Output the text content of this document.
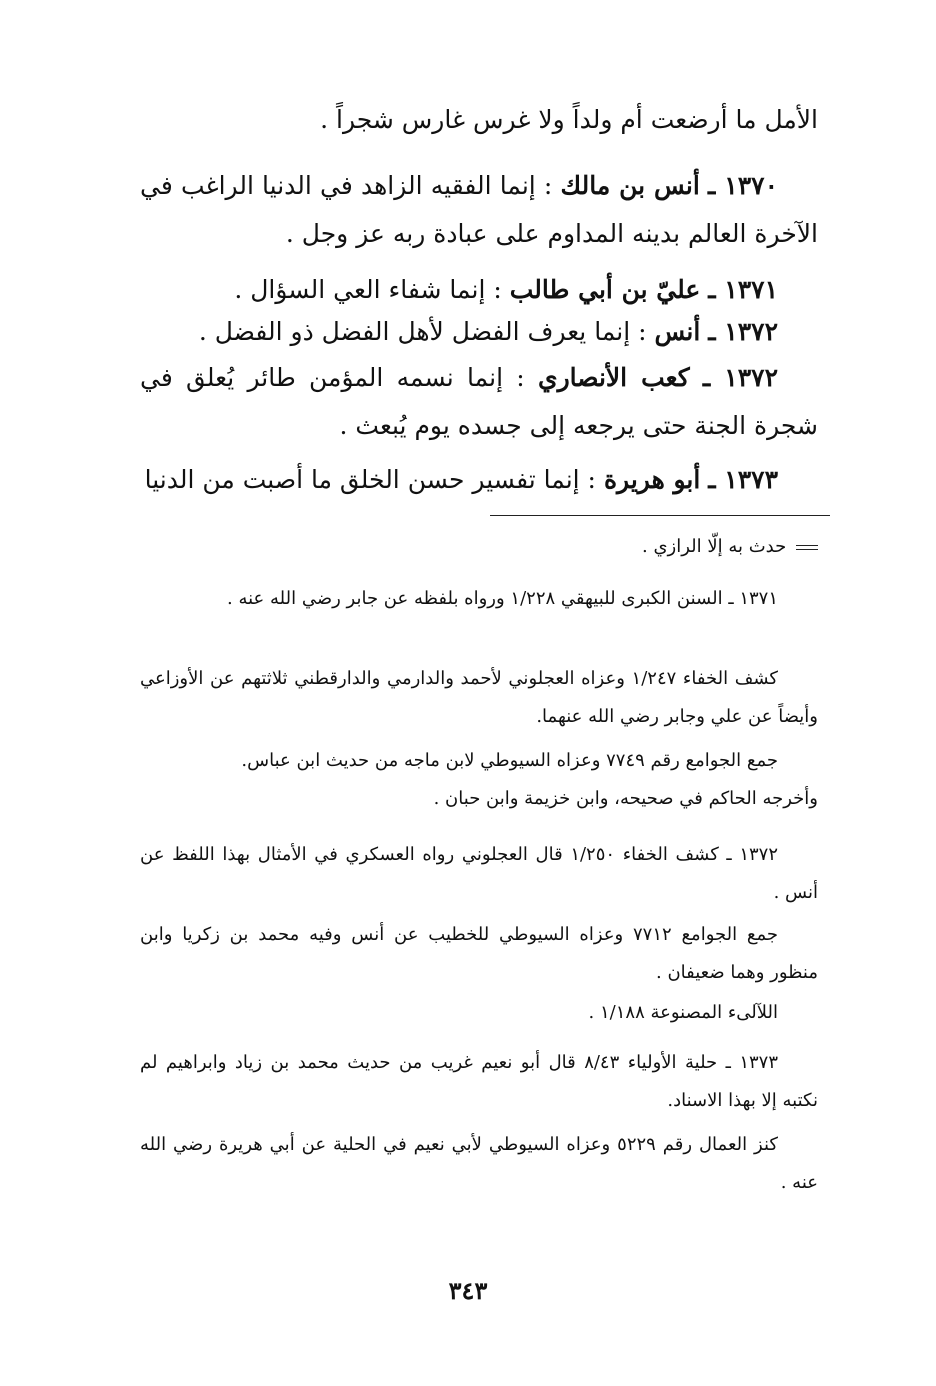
الأمل ما أرضعت أم ولداً ولا غرس غارس شجراً .
١٣٧٠ ـ أنس بن مالك : إنما الفقيه الزاهد في الدنيا الراغب في الآخرة العالم بدينه المداوم على عبادة ربه عز وجل .
١٣٧١ ـ عليّ بن أبي طالب : إنما شفاء العي السؤال .
١٣٧٢ ـ أنس : إنما يعرف الفضل لأهل الفضل ذو الفضل .
١٣٧٢ ـ كعب الأنصاري : إنما نسمه المؤمن طائر يُعلق في شجرة الجنة حتى يرجعه إلى جسده يوم يُبعث .
١٣٧٣ ـ أبو هريرة : إنما تفسير حسن الخلق ما أصبت من الدنيا
حدث به إلّا الرازي .
١٣٧١ ـ السنن الكبرى للبيهقي ١/٢٢٨ ورواه بلفظه عن جابر رضي الله عنه .
كشف الخفاء ١/٢٤٧ وعزاه العجلوني لأحمد والدارمي والدارقطني ثلاثتهم عن الأوزاعي وأيضاً عن علي وجابر رضي الله عنهما.
جمع الجوامع رقم ٧٧٤٩ وعزاه السيوطي لابن ماجه من حديث ابن عباس.
وأخرجه الحاكم في صحيحه، وابن خزيمة وابن حبان .
١٣٧٢ ـ كشف الخفاء ١/٢٥٠ قال العجلوني رواه العسكري في الأمثال بهذا اللفظ عن أنس .
جمع الجوامع ٧٧١٢ وعزاه السيوطي للخطيب عن أنس وفيه محمد بن زكريا وابن منظور وهما ضعيفان .
اللآلىء المصنوعة ١/١٨٨ .
١٣٧٣ ـ حلية الأولياء ٨/٤٣ قال أبو نعيم غريب من حديث محمد بن زياد وابراهيم لم نكتبه إلا بهذا الاسناد.
كنز العمال رقم ٥٢٢٩ وعزاه السيوطي لأبي نعيم في الحلية عن أبي هريرة رضي الله عنه .
٣٤٣
